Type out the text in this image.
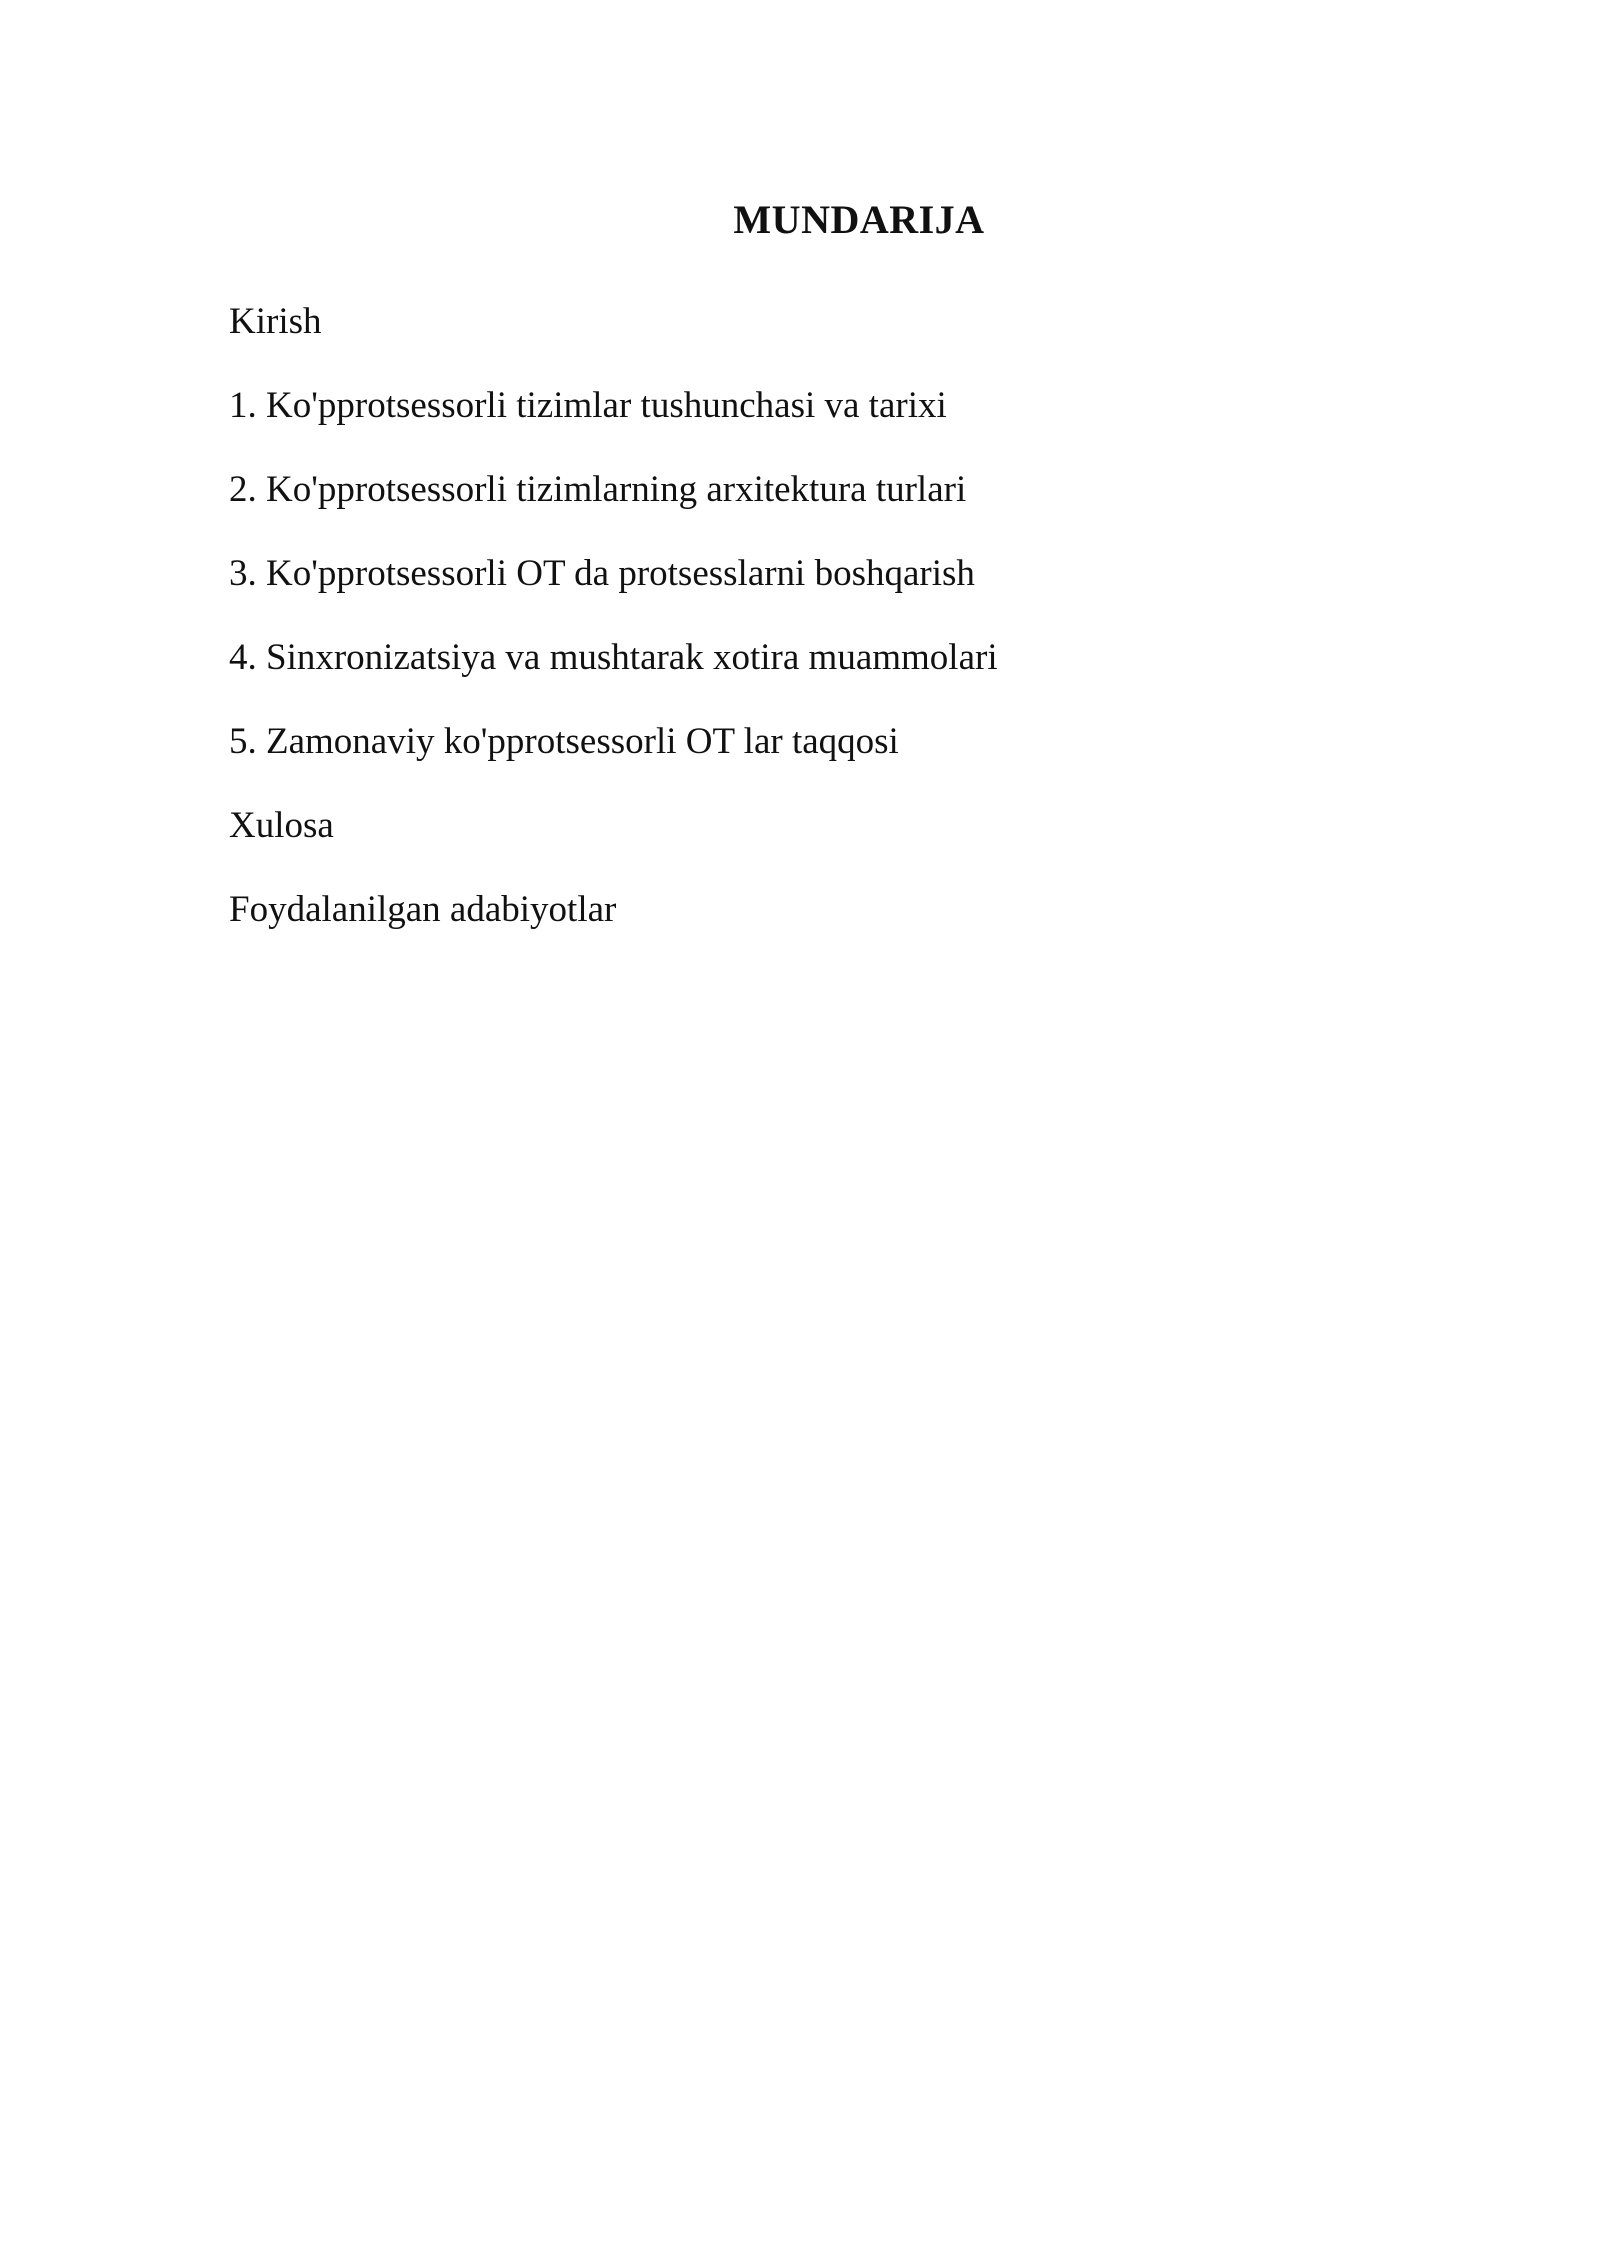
MUNDARIJA
Kirish
1. Ko'pprotsessorli tizimlar tushunchasi va tarixi
2. Ko'pprotsessorli tizimlarning arxitektura turlari
3. Ko'pprotsessorli OT da protsesslarni boshqarish
4. Sinxronizatsiya va mushtarak xotira muammolari
5. Zamonaviy ko'pprotsessorli OT lar taqqosi
Xulosa
Foydalanilgan adabiyotlar
